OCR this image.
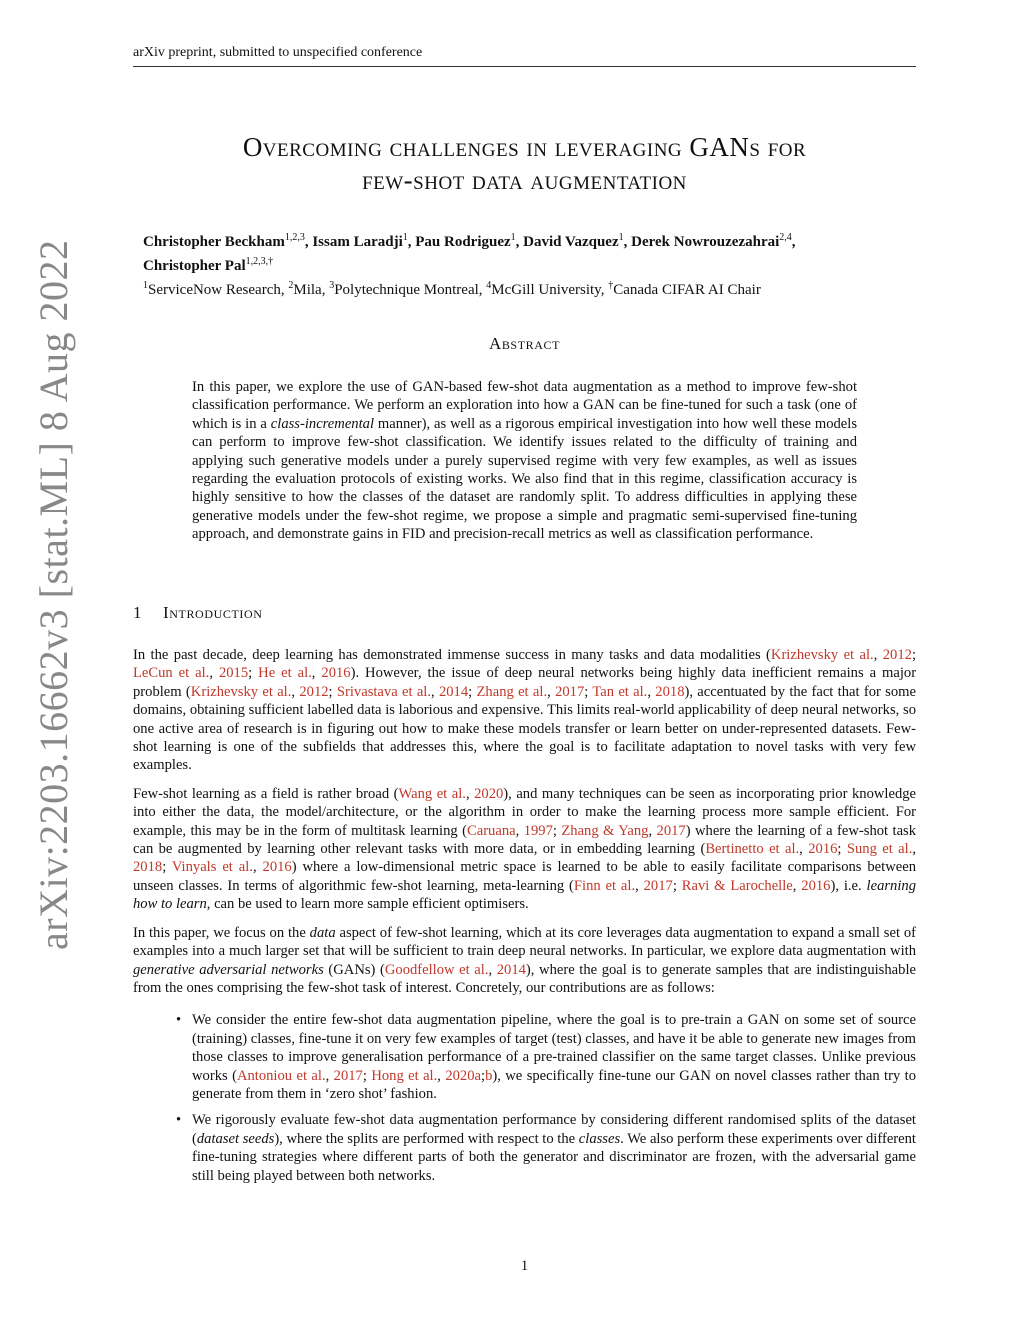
arXiv preprint, submitted to unspecified conference
arXiv:2203.16662v3 [stat.ML] 8 Aug 2022
Overcoming challenges in leveraging GANs for
few-shot data augmentation
Christopher Beckham$^{1,2,3}$, Issam Laradji$^1$, Pau Rodriguez$^1$, David Vazquez$^1$, Derek Nowrouzezahrai$^{2,4}$,
Christopher Pal$^{1,2,3,\dagger}$
$^1$ServiceNow Research, $^2$Mila, $^3$Polytechnique Montreal, $^4$McGill University, †Canada CIFAR AI Chair
Abstract
In this paper, we explore the use of GAN-based few-shot data augmentation as a method to improve few-shot classification performance. We perform an exploration into how a GAN can be fine-tuned for such a task (one of which is in a class-incremental manner), as well as a rigorous empirical investigation into how well these models can perform to improve few-shot classification. We identify issues related to the difficulty of training and applying such generative models under a purely supervised regime with very few examples, as well as issues regarding the evaluation protocols of existing works. We also find that in this regime, classification accuracy is highly sensitive to how the classes of the dataset are randomly split. To address difficulties in applying these generative models under the few-shot regime, we propose a simple and pragmatic semi-supervised fine-tuning approach, and demonstrate gains in FID and precision-recall metrics as well as classification performance.
1 Introduction

In the past decade, deep learning has demonstrated immense success in many tasks and data modalities (Krizhevsky et al., 2012; LeCun et al., 2015; He et al., 2016). However, the issue of deep neural networks being highly data inefficient remains a major problem (Krizhevsky et al., 2012; Srivastava et al., 2014; Zhang et al., 2017; Tan et al., 2018), accentuated by the fact that for some domains, obtaining sufficient labelled data is laborious and expensive. This limits real-world applicability of deep neural networks, so one active area of research is in figuring out how to make these models transfer or learn better on under-represented datasets. Few-shot learning is one of the subfields that addresses this, where the goal is to facilitate adaptation to novel tasks with very few examples.

Few-shot learning as a field is rather broad (Wang et al., 2020), and many techniques can be seen as incorporating prior knowledge into either the data, the model/architecture, or the algorithm in order to make the learning process more sample efficient. For example, this may be in the form of multitask learning (Caruana, 1997; Zhang & Yang, 2017) where the learning of a few-shot task can be augmented by learning other relevant tasks with more data, or in embedding learning (Bertinetto et al., 2016; Sung et al., 2018; Vinyals et al., 2016) where a low-dimensional metric space is learned to be able to easily facilitate comparisons between unseen classes. In terms of algorithmic few-shot learning, meta-learning (Finn et al., 2017; Ravi & Larochelle, 2016), i.e. learning how to learn, can be used to learn more sample efficient optimisers.

In this paper, we focus on the data aspect of few-shot learning, which at its core leverages data augmentation to expand a small set of examples into a much larger set that will be sufficient to train deep neural networks. In particular, we explore data augmentation with generative adversarial networks (GANs) (Goodfellow et al., 2014), where the goal is to generate samples that are indistinguishable from the ones comprising the few-shot task of interest. Concretely, our contributions are as follows:

• We consider the entire few-shot data augmentation pipeline, where the goal is to pre-train a GAN on some set of source (training) classes, fine-tune it on very few examples of target (test) classes, and have it be able to generate new images from those classes to improve generalisation performance of a pre-trained classifier on the same target classes. Unlike previous works (Antoniou et al., 2017; Hong et al., 2020a;b), we specifically fine-tune our GAN on novel classes rather than try to generate from them in ‘zero shot’ fashion.
• We rigorously evaluate few-shot data augmentation performance by considering different randomised splits of the dataset (dataset seeds), where the splits are performed with respect to the classes. We also perform these experiments over different fine-tuning strategies where different parts of both the generator and discriminator are frozen, with the adversarial game still being played between both networks.
1
